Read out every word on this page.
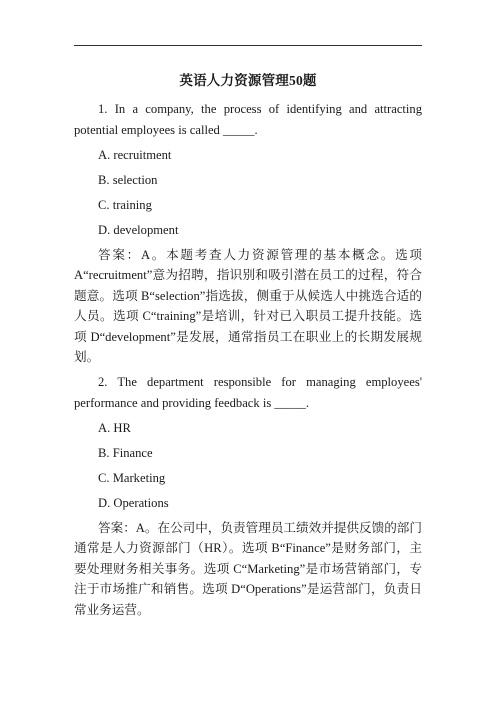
英语人力资源管理50题

1. In a company, the process of identifying and attracting potential employees is called _____.

A. recruitment
B. selection
C. training
D. development

答案：A。本题考查人力资源管理的基本概念。选项 A“recruitment”意为招聘，指识别和吸引潜在员工的过程，符合题意。选项 B“selection”指选拔，侧重于从候选人中挑选合适的人员。选项 C“training”是培训，针对已入职员工提升技能。选项 D“development”是发展，通常指员工在职业上的长期发展规划。

2. The department responsible for managing employees' performance and providing feedback is _____.

A. HR
B. Finance
C. Marketing
D. Operations

答案：A。在公司中，负责管理员工绩效并提供反馈的部门通常是人力资源部门（HR）。选项 B“Finance”是财务部门，主要处理财务相关事务。选项 C“Marketing”是市场营销部门，专注于市场推广和销售。选项 D“Operations”是运营部门，负责日常业务运营。
